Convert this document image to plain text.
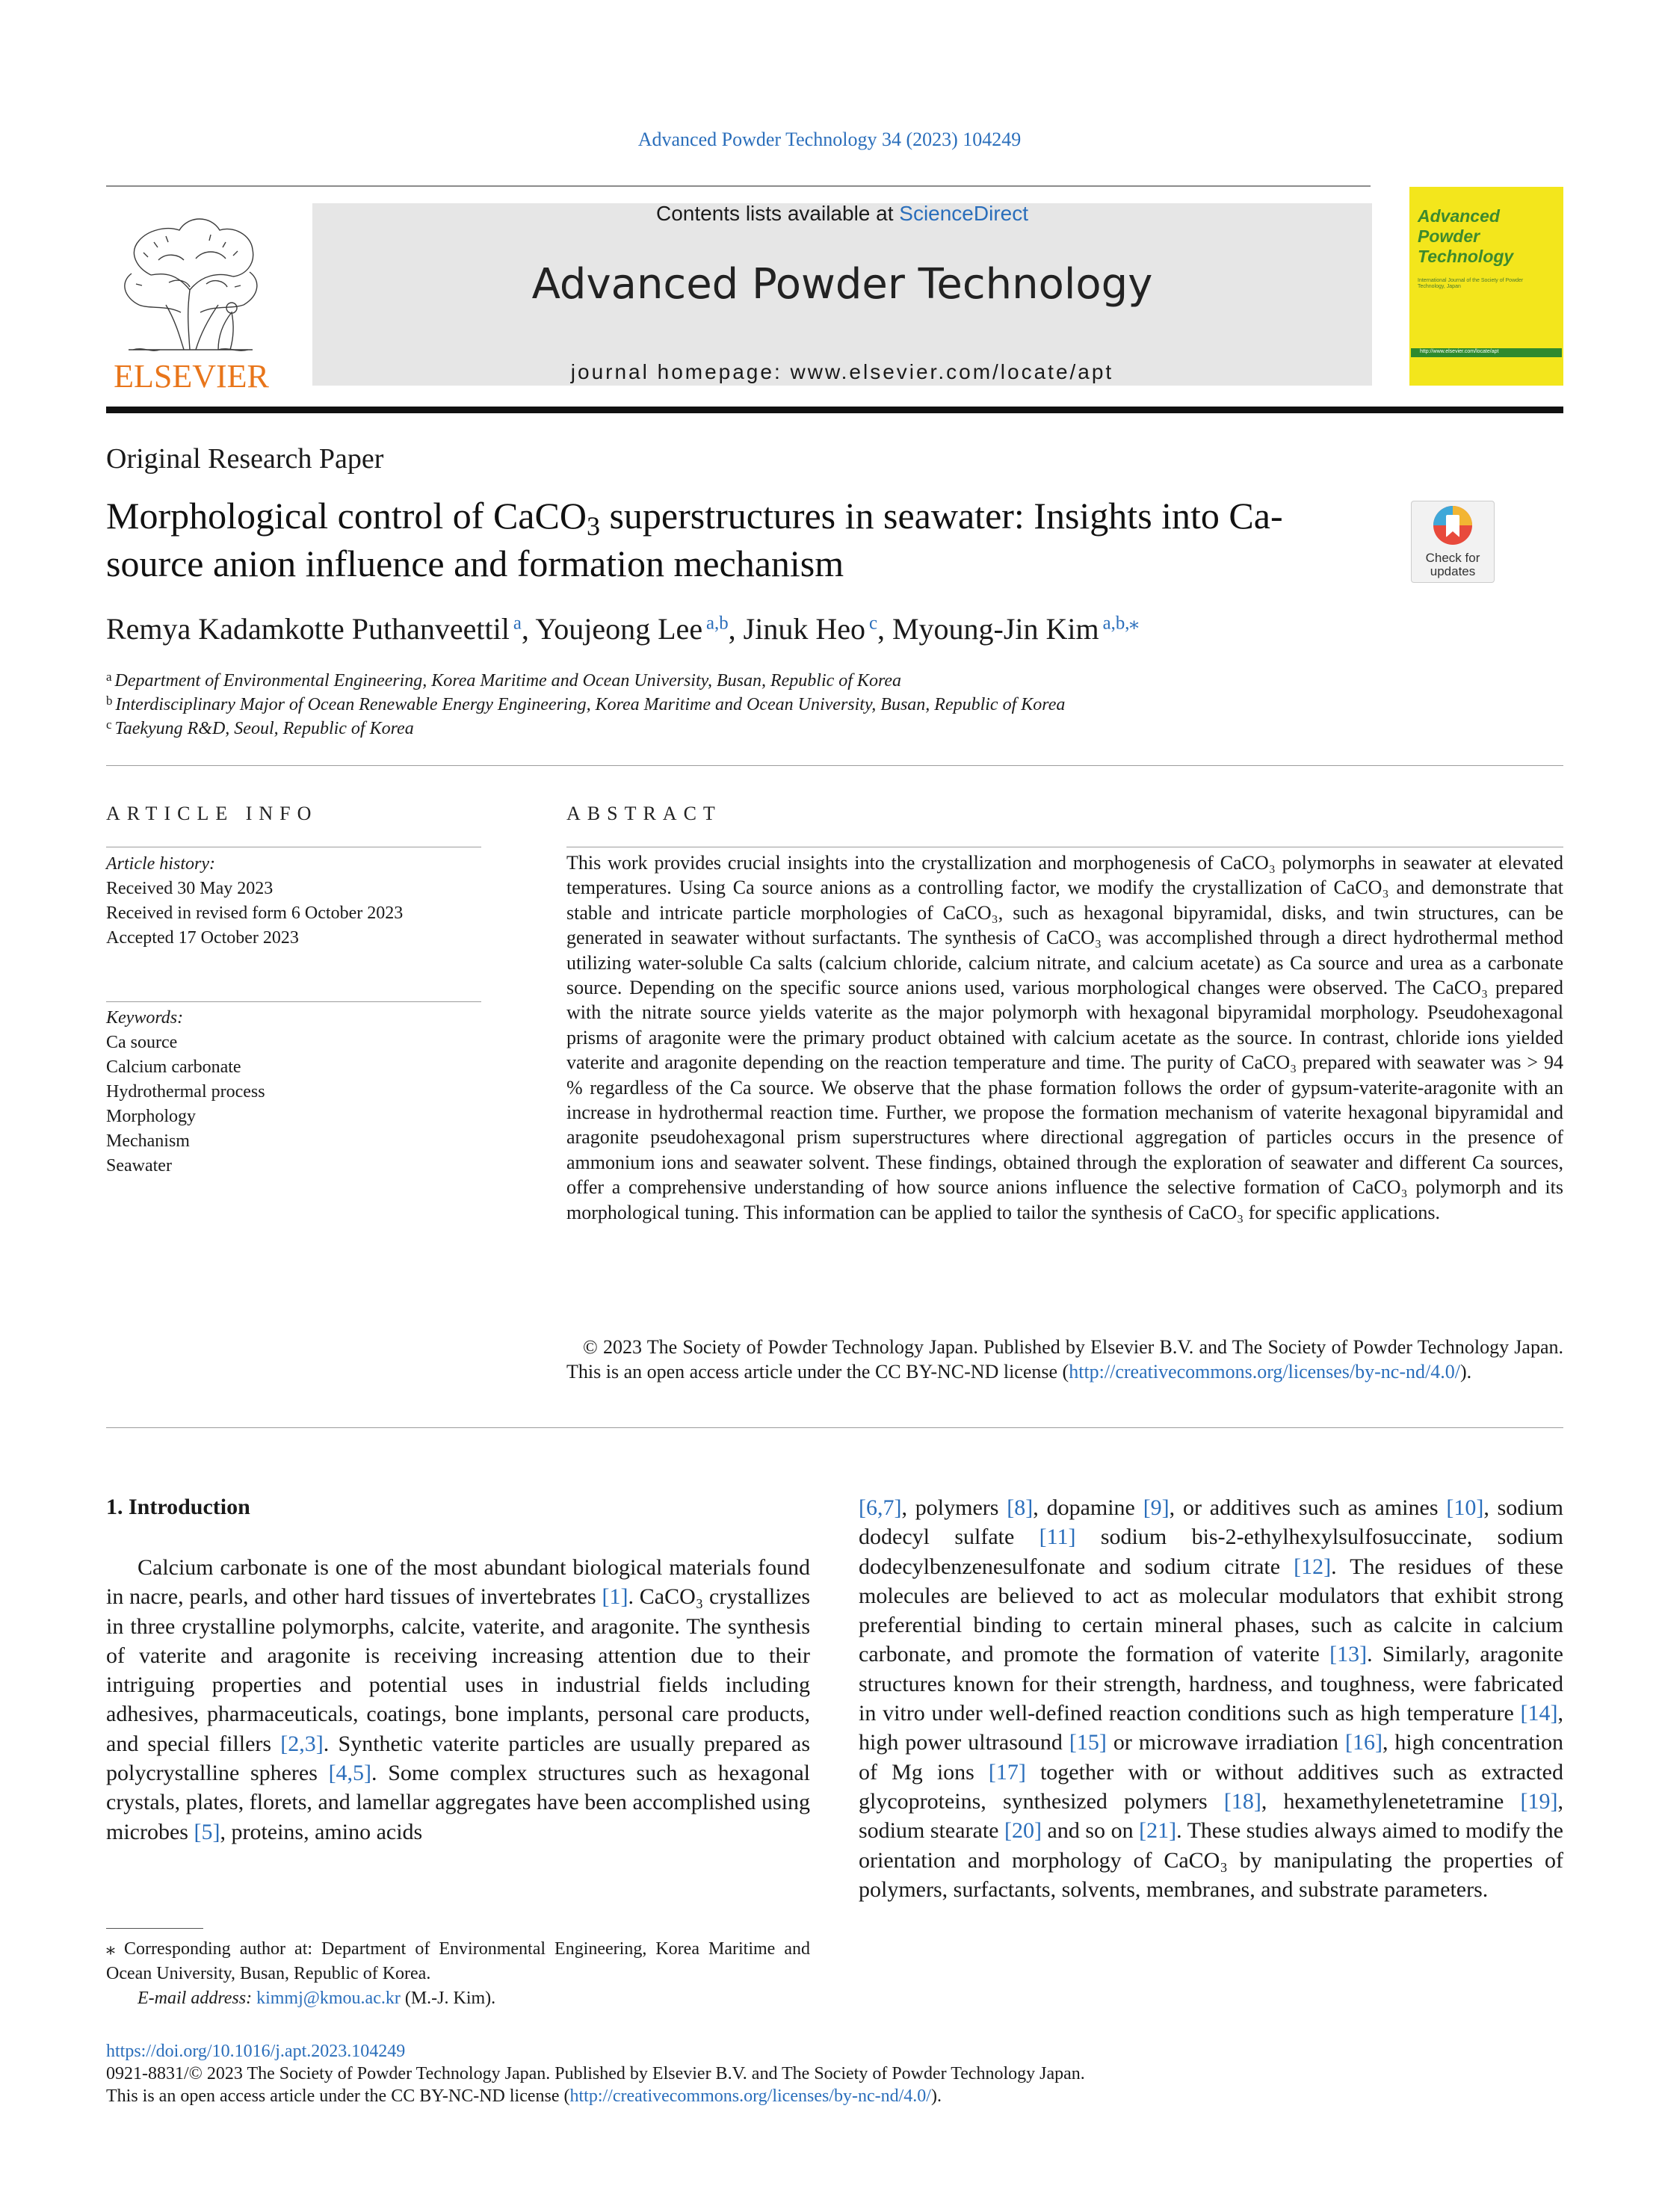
Advanced Powder Technology 34 (2023) 104249
ELSEVIER
Contents lists available at ScienceDirect
Advanced Powder Technology
journal homepage: www.elsevier.com/locate/apt
Advanced Powder Technology
International Journal of the Society of Powder Technology, Japan
http://www.elsevier.com/locate/apt
Original Research Paper
Morphological control of CaCO$_3$ superstructures in seawater: Insights into Ca-source anion influence and formation mechanism	Check for updates
Remya Kadamkotte Puthanveettil $^a$, Youjeong Lee $^{a,b}$, Jinuk Heo $^c$, Myoung-Jin Kim $^{a,b,⁎}$
$^a$ Department of Environmental Engineering, Korea Maritime and Ocean University, Busan, Republic of Korea
$^b$ Interdisciplinary Major of Ocean Renewable Energy Engineering, Korea Maritime and Ocean University, Busan, Republic of Korea
$^c$ Taekyung R&D, Seoul, Republic of Korea
ARTICLE INFO	ABSTRACT
Article history:
Received 30 May 2023
Received in revised form 6 October 2023
Accepted 17 October 2023
Keywords:
Ca source
Calcium carbonate
Hydrothermal process
Morphology
Mechanism
Seawater
This work provides crucial insights into the crystallization and morphogenesis of CaCO₃ polymorphs in seawater at elevated temperatures. Using Ca source anions as a controlling factor, we modify the crystallization of CaCO₃ and demonstrate that stable and intricate particle morphologies of CaCO₃, such as hexagonal bipyramidal, disks, and twin structures, can be generated in seawater without surfactants. The synthesis of CaCO₃ was accomplished through a direct hydrothermal method utilizing water-soluble Ca salts (calcium chloride, calcium nitrate, and calcium acetate) as Ca source and urea as a carbonate source. Depending on the specific source anions used, various morphological changes were observed. The CaCO₃ prepared with the nitrate source yields vaterite as the major polymorph with hexagonal bipyramidal morphology. Pseudohexagonal prisms of aragonite were the primary product obtained with calcium acetate as the source. In contrast, chloride ions yielded vaterite and aragonite depending on the reaction temperature and time. The purity of CaCO₃ prepared with seawater was > 94 % regardless of the Ca source. We observe that the phase formation follows the order of gypsum-vaterite-aragonite with an increase in hydrothermal reaction time. Further, we propose the formation mechanism of vaterite hexagonal bipyramidal and aragonite pseudohexagonal prism superstructures where directional aggregation of particles occurs in the presence of ammonium ions and seawater solvent. These findings, obtained through the exploration of seawater and different Ca sources, offer a comprehensive understanding of how source anions influence the selective formation of CaCO₃ polymorph and its morphological tuning. This information can be applied to tailor the synthesis of CaCO₃ for specific applications.
© 2023 The Society of Powder Technology Japan. Published by Elsevier B.V. and The Society of Powder Technology Japan. This is an open access article under the CC BY-NC-ND license (http://creativecommons.org/licenses/by-nc-nd/4.0/).
1. Introduction
Calcium carbonate is one of the most abundant biological materials found in nacre, pearls, and other hard tissues of invertebrates [1]. CaCO₃ crystallizes in three crystalline polymorphs, calcite, vaterite, and aragonite. The synthesis of vaterite and aragonite is receiving increasing attention due to their intriguing properties and potential uses in industrial fields including adhesives, pharmaceuticals, coatings, bone implants, personal care products, and special fillers [2,3]. Synthetic vaterite particles are usually prepared as polycrystalline spheres [4,5]. Some complex structures such as hexagonal crystals, plates, florets, and lamellar aggregates have been accomplished using microbes [5], proteins, amino acids
[6,7], polymers [8], dopamine [9], or additives such as amines [10], sodium dodecyl sulfate [11] sodium bis-2-ethylhexylsulfosuccinate, sodium dodecylbenzenesulfonate and sodium citrate [12]. The residues of these molecules are believed to act as molecular modulators that exhibit strong preferential binding to certain mineral phases, such as calcite in calcium carbonate, and promote the formation of vaterite [13]. Similarly, aragonite structures known for their strength, hardness, and toughness, were fabricated in vitro under well-defined reaction conditions such as high temperature [14], high power ultrasound [15] or microwave irradiation [16], high concentration of Mg ions [17] together with or without additives such as extracted glycoproteins, synthesized polymers [18], hexamethylenetetramine [19], sodium stearate [20] and so on [21]. These studies always aimed to modify the orientation and morphology of CaCO₃ by manipulating the properties of polymers, surfactants, solvents, membranes, and substrate parameters.
⁎ Corresponding author at: Department of Environmental Engineering, Korea Maritime and Ocean University, Busan, Republic of Korea.
E-mail address: kimmj@kmou.ac.kr (M.-J. Kim).
https://doi.org/10.1016/j.apt.2023.104249
0921-8831/© 2023 The Society of Powder Technology Japan. Published by Elsevier B.V. and The Society of Powder Technology Japan.
This is an open access article under the CC BY-NC-ND license (http://creativecommons.org/licenses/by-nc-nd/4.0/).
